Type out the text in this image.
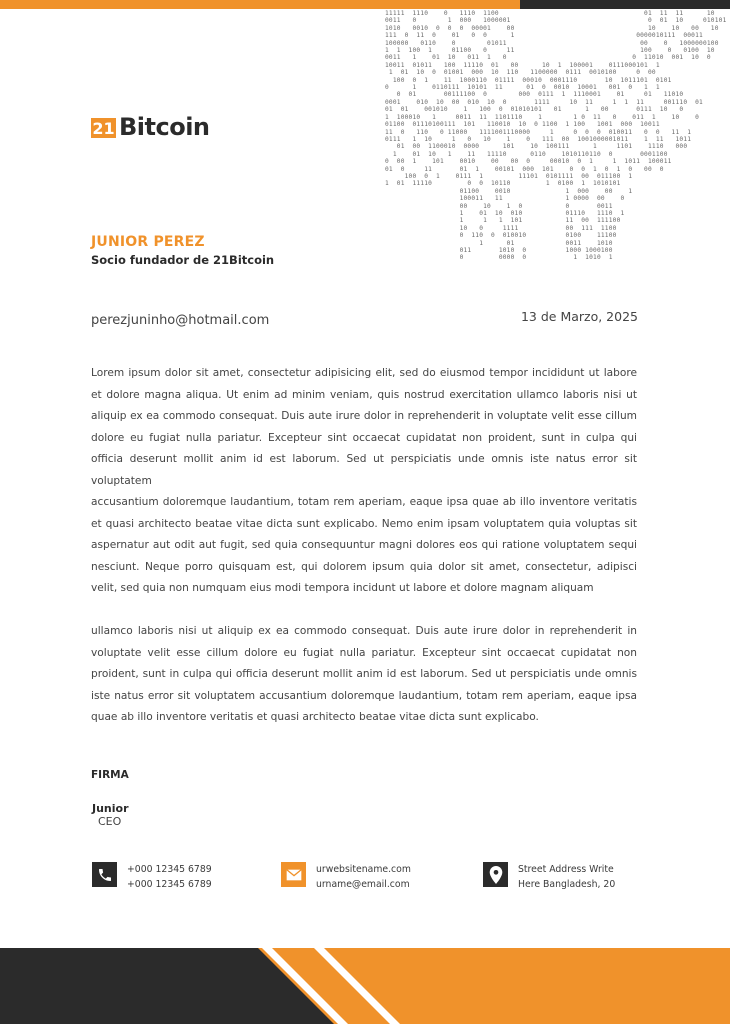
11111  1110    0   1110  1100                                     01  11  11      10
0011   0        1  000   1000001                                   0  01  10     010101
1010   0010  0  0  0  00001    00                                  10    10   00   10
111  0  11  0    01   0  0      1                               0000010111  00011
100000   0110    0        01011                                  00    0   1000000100
1  1  100  1     01100   0     11                                100    0   0100  10
0011   1    01  10   011  1   0                                0  11010  001  10  0
10011  01011   100  11110  01   00      10  1  100001    0111000101  1
1  01  10  0  01001  000  10  110   1100000  0111  0010100     0  00
100  0  1    11  1000110  01111  00010  0001110       10  1011101  0101
0      1    0110111  10101  11      01  0  0010  10001   001  0   1  1
0  01       00111100  0        000  0111  1  1110001    01     01   11010
0001    010  10  00  010  10  0       1111     10  11     1  1  11     001110  01
01  01    001010    1   100  0  01010101   01      1   00       0111  10   0
1  100010   1     0011  11  1101110    1        1 0  11   0    011  1    10    0
01100  01110100111  101   110010  10  0 1100  1 100   1001  000  10011
11  0   110   0 11000   1111001110000     1     0  0  0  010011   0  0   11  1
0111   1  10     1   0   10    1    0   111  00  1001000001011    1  11   1011
01  00  1100010  0000      101    10  100111      1     1101    1110   000
1    01  10   1    11   11110      0110    1010110110  0       0001100
0  00  1    101    0010    00   00  0     00010  0  1     1  1011  100011
01  0     11       01  1    00101  000  101    0  0  1  0  1  0   00  0
100  0  1    0111  1         11101  0101111  00  011100  1
1  01  11110         0  0  10110         1  0100  1  1010101
01100    0010              1  000    00    1
100011   11                1 0000  00    0
00    10    1  0           0       0011
1    01  10  010           01110   1110  1
1     1   1  101           11  00  111100
10   0     1111            00  111  1100
0  110  0  010010          0100    11100
1      01             0011    1010
011       1010  0          1000 1000100
0         0000  0            1  1010  1
21 Bitcoin
JUNIOR PEREZ
Socio fundador de 21Bitcoin
perezjuninho@hotmail.com	13 de Marzo, 2025

Lorem ipsum dolor sit amet, consectetur adipisicing elit, sed do eiusmod tempor incididunt ut labore et dolore magna aliqua. Ut enim ad minim veniam, quis nostrud exercitation ullamco laboris nisi ut aliquip ex ea commodo consequat. Duis aute irure dolor in reprehenderit in voluptate velit esse cillum dolore eu fugiat nulla pariatur. Excepteur sint occaecat cupidatat non proident, sunt in culpa qui officia deserunt mollit anim id est laborum. Sed ut perspiciatis unde omnis iste natus error sit voluptatem

accusantium doloremque laudantium, totam rem aperiam, eaque ipsa quae ab illo inventore veritatis et quasi architecto beatae vitae dicta sunt explicabo. Nemo enim ipsam voluptatem quia voluptas sit aspernatur aut odit aut fugit, sed quia consequuntur magni dolores eos qui ratione voluptatem sequi nesciunt. Neque porro quisquam est, qui dolorem ipsum quia dolor sit amet, consectetur, adipisci velit, sed quia non numquam eius modi tempora incidunt ut labore et dolore magnam aliquam

ullamco laboris nisi ut aliquip ex ea commodo consequat. Duis aute irure dolor in reprehenderit in voluptate velit esse cillum dolore eu fugiat nulla pariatur. Excepteur sint occaecat cupidatat non proident, sunt in culpa qui officia deserunt mollit anim id est laborum. Sed ut perspiciatis unde omnis iste natus error sit voluptatem accusantium doloremque laudantium, totam rem aperiam, eaque ipsa quae ab illo inventore veritatis et quasi architecto beatae vitae dicta sunt explicabo.

FIRMA
Junior
CEO
+000 12345 6789
+000 12345 6789
urwebsitename.com
urname@email.com
Street Address Write
Here Bangladesh, 20
